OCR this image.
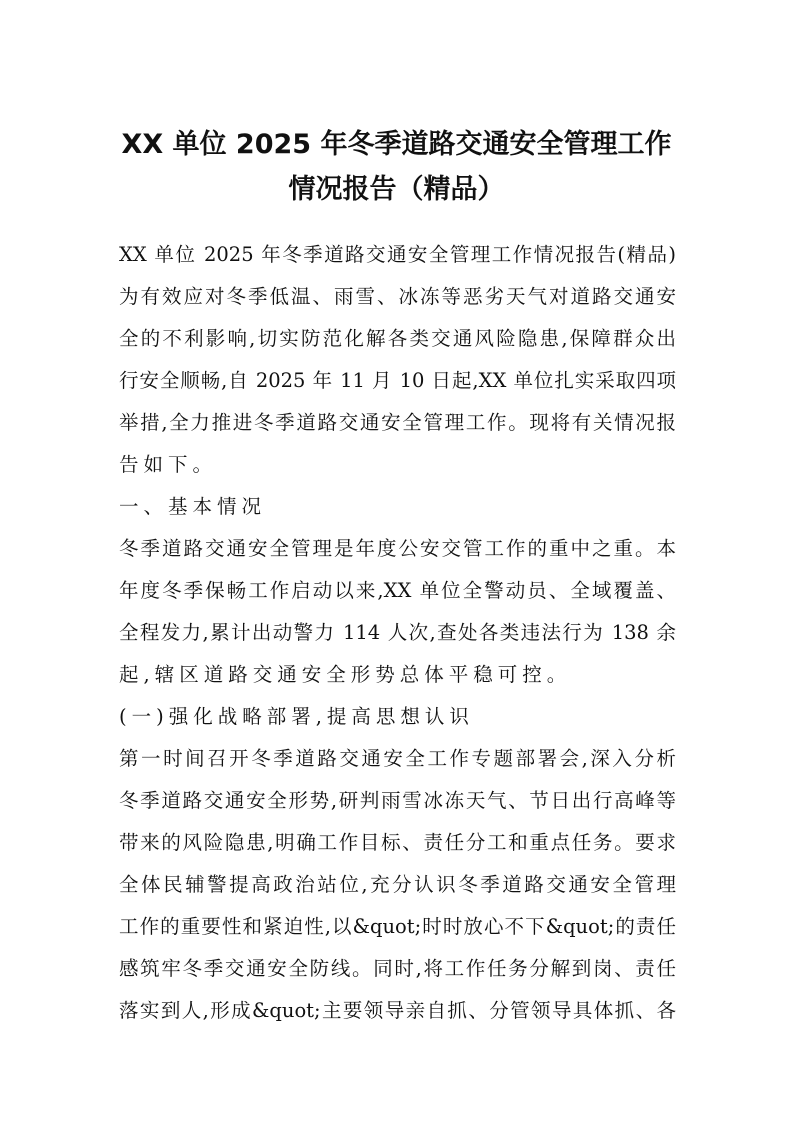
XX 单位 2025 年冬季道路交通安全管理工作
情况报告（精品）
XX 单位 2025 年冬季道路交通安全管理工作情况报告(精品)
为有效应对冬季低温、雨雪、冰冻等恶劣天气对道路交通安
全的不利影响,切实防范化解各类交通风险隐患,保障群众出
行安全顺畅,自 2025 年 11 月 10 日起,XX 单位扎实采取四项
举措,全力推进冬季道路交通安全管理工作。现将有关情况报
告如下。
一、基本情况
冬季道路交通安全管理是年度公安交管工作的重中之重。本
年度冬季保畅工作启动以来,XX 单位全警动员、全域覆盖、
全程发力,累计出动警力 114 人次,查处各类违法行为 138 余
起,辖区道路交通安全形势总体平稳可控。
(一)强化战略部署,提高思想认识
第一时间召开冬季道路交通安全工作专题部署会,深入分析
冬季道路交通安全形势,研判雨雪冰冻天气、节日出行高峰等
带来的风险隐患,明确工作目标、责任分工和重点任务。要求
全体民辅警提高政治站位,充分认识冬季道路交通安全管理
工作的重要性和紧迫性,以&quot;时时放心不下&quot;的责任
感筑牢冬季交通安全防线。同时,将工作任务分解到岗、责任
落实到人,形成&quot;主要领导亲自抓、分管领导具体抓、各
